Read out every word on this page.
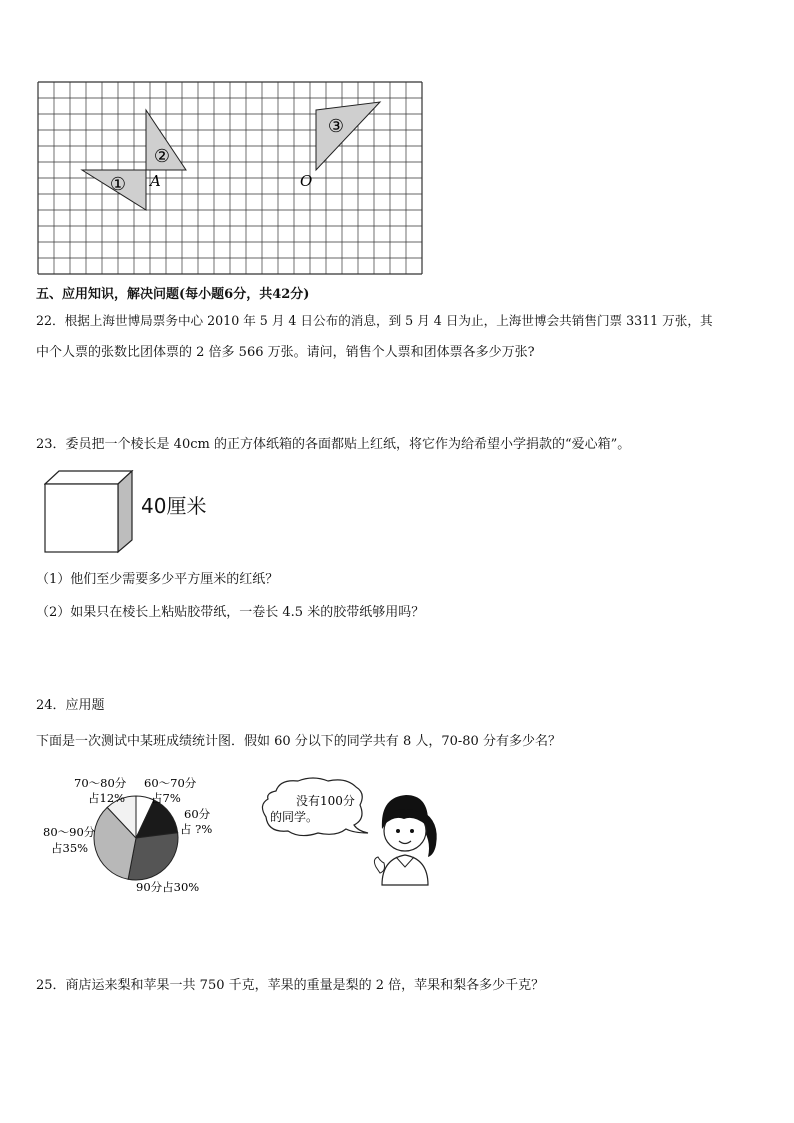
①
②
③
A	O
五、应用知识，解决问题(每小题6分，共42分)
22．根据上海世博局票务中心 2010 年 5 月 4 日公布的消息，到 5 月 4 日为止，上海世博会共销售门票 3311 万张，其
中个人票的张数比团体票的 2 倍多 566 万张。请问，销售个人票和团体票各多少万张?
23．委员把一个棱长是 40cm 的正方体纸箱的各面都贴上红纸，将它作为给希望小学捐款的“爱心箱”。
40厘米
（1）他们至少需要多少平方厘米的红纸？
（2）如果只在棱长上粘贴胶带纸，一卷长 4.5 米的胶带纸够用吗？
24．应用题
下面是一次测试中某班成绩统计图．假如 60 分以下的同学共有 8 人，70-80 分有多少名？
60～70分
占7%
60分
占 ?%
90分占30%
80～90分
占35%
70～80分
占12%	没有100分
的同学。
25．商店运来梨和苹果一共 750 千克，苹果的重量是梨的 2 倍，苹果和梨各多少千克？
